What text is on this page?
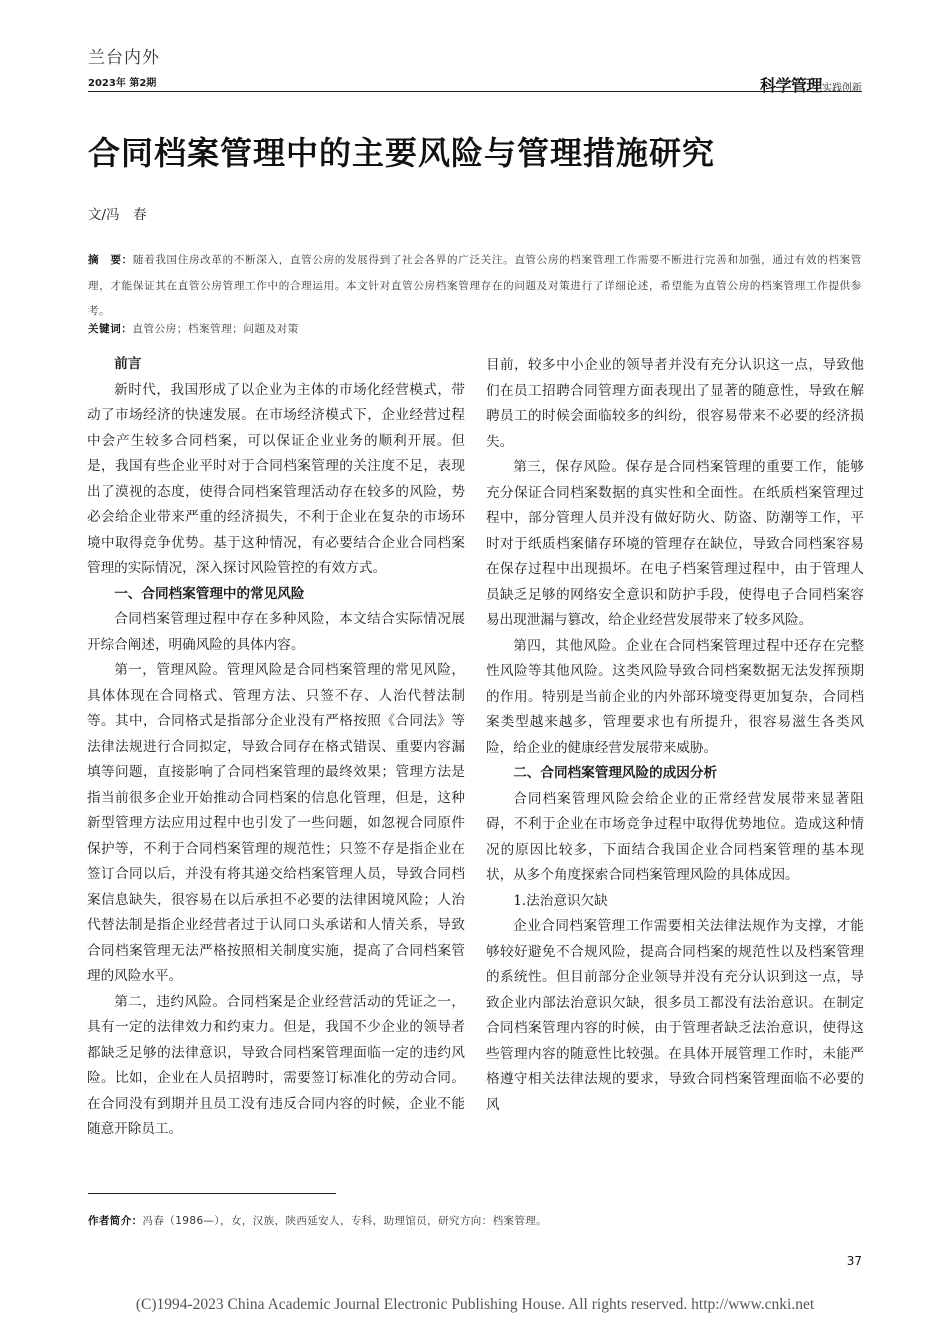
兰台内外
2023年 第2期	科学管理实践创新
合同档案管理中的主要风险与管理措施研究
文/冯　春
摘　要：随着我国住房改革的不断深入，直管公房的发展得到了社会各界的广泛关注。直管公房的档案管理工作需要不断进行完善和加强，通过有效的档案管理，才能保证其在直管公房管理工作中的合理运用。本文针对直管公房档案管理存在的问题及对策进行了详细论述，希望能为直管公房的档案管理工作提供参考。
关键词：直管公房；档案管理；问题及对策
前言

新时代，我国形成了以企业为主体的市场化经营模式，带动了市场经济的快速发展。在市场经济模式下，企业经营过程中会产生较多合同档案，可以保证企业业务的顺利开展。但是，我国有些企业平时对于合同档案管理的关注度不足，表现出了漠视的态度，使得合同档案管理活动存在较多的风险，势必会给企业带来严重的经济损失，不利于企业在复杂的市场环境中取得竞争优势。基于这种情况，有必要结合企业合同档案管理的实际情况，深入探讨风险管控的有效方式。

一、合同档案管理中的常见风险

合同档案管理过程中存在多种风险，本文结合实际情况展开综合阐述，明确风险的具体内容。

第一，管理风险。管理风险是合同档案管理的常见风险，具体体现在合同格式、管理方法、只签不存、人治代替法制等。其中，合同格式是指部分企业没有严格按照《合同法》等法律法规进行合同拟定，导致合同存在格式错误、重要内容漏填等问题，直接影响了合同档案管理的最终效果；管理方法是指当前很多企业开始推动合同档案的信息化管理，但是，这种新型管理方法应用过程中也引发了一些问题，如忽视合同原件保护等，不利于合同档案管理的规范性；只签不存是指企业在签订合同以后，并没有将其递交给档案管理人员，导致合同档案信息缺失，很容易在以后承担不必要的法律困境风险；人治代替法制是指企业经营者过于认同口头承诺和人情关系，导致合同档案管理无法严格按照相关制度实施，提高了合同档案管理的风险水平。

第二，违约风险。合同档案是企业经营活动的凭证之一，具有一定的法律效力和约束力。但是，我国不少企业的领导者都缺乏足够的法律意识，导致合同档案管理面临一定的违约风险。比如，企业在人员招聘时，需要签订标准化的劳动合同。在合同没有到期并且员工没有违反合同内容的时候，企业不能随意开除员工。

目前，较多中小企业的领导者并没有充分认识这一点，导致他们在员工招聘合同管理方面表现出了显著的随意性，导致在解聘员工的时候会面临较多的纠纷，很容易带来不必要的经济损失。

第三，保存风险。保存是合同档案管理的重要工作，能够充分保证合同档案数据的真实性和全面性。在纸质档案管理过程中，部分管理人员并没有做好防火、防盗、防潮等工作，平时对于纸质档案储存环境的管理存在缺位，导致合同档案容易在保存过程中出现损坏。在电子档案管理过程中，由于管理人员缺乏足够的网络安全意识和防护手段，使得电子合同档案容易出现泄漏与篡改，给企业经营发展带来了较多风险。

第四，其他风险。企业在合同档案管理过程中还存在完整性风险等其他风险。这类风险导致合同档案数据无法发挥预期的作用。特别是当前企业的内外部环境变得更加复杂，合同档案类型越来越多，管理要求也有所提升，很容易滋生各类风险，给企业的健康经营发展带来威胁。

二、合同档案管理风险的成因分析

合同档案管理风险会给企业的正常经营发展带来显著阻碍，不利于企业在市场竞争过程中取得优势地位。造成这种情况的原因比较多，下面结合我国企业合同档案管理的基本现状，从多个角度探索合同档案管理风险的具体成因。

1.法治意识欠缺

企业合同档案管理工作需要相关法律法规作为支撑，才能够较好避免不合规风险，提高合同档案的规范性以及档案管理的系统性。但目前部分企业领导并没有充分认识到这一点，导致企业内部法治意识欠缺，很多员工都没有法治意识。在制定合同档案管理内容的时候，由于管理者缺乏法治意识，使得这些管理内容的随意性比较强。在具体开展管理工作时，未能严格遵守相关法律法规的要求，导致合同档案管理面临不必要的风

作者简介：冯春（1986—），女，汉族，陕西延安人，专科，助理馆员，研究方向：档案管理。
37
(C)1994-2023 China Academic Journal Electronic Publishing House. All rights reserved. http://www.cnki.net
